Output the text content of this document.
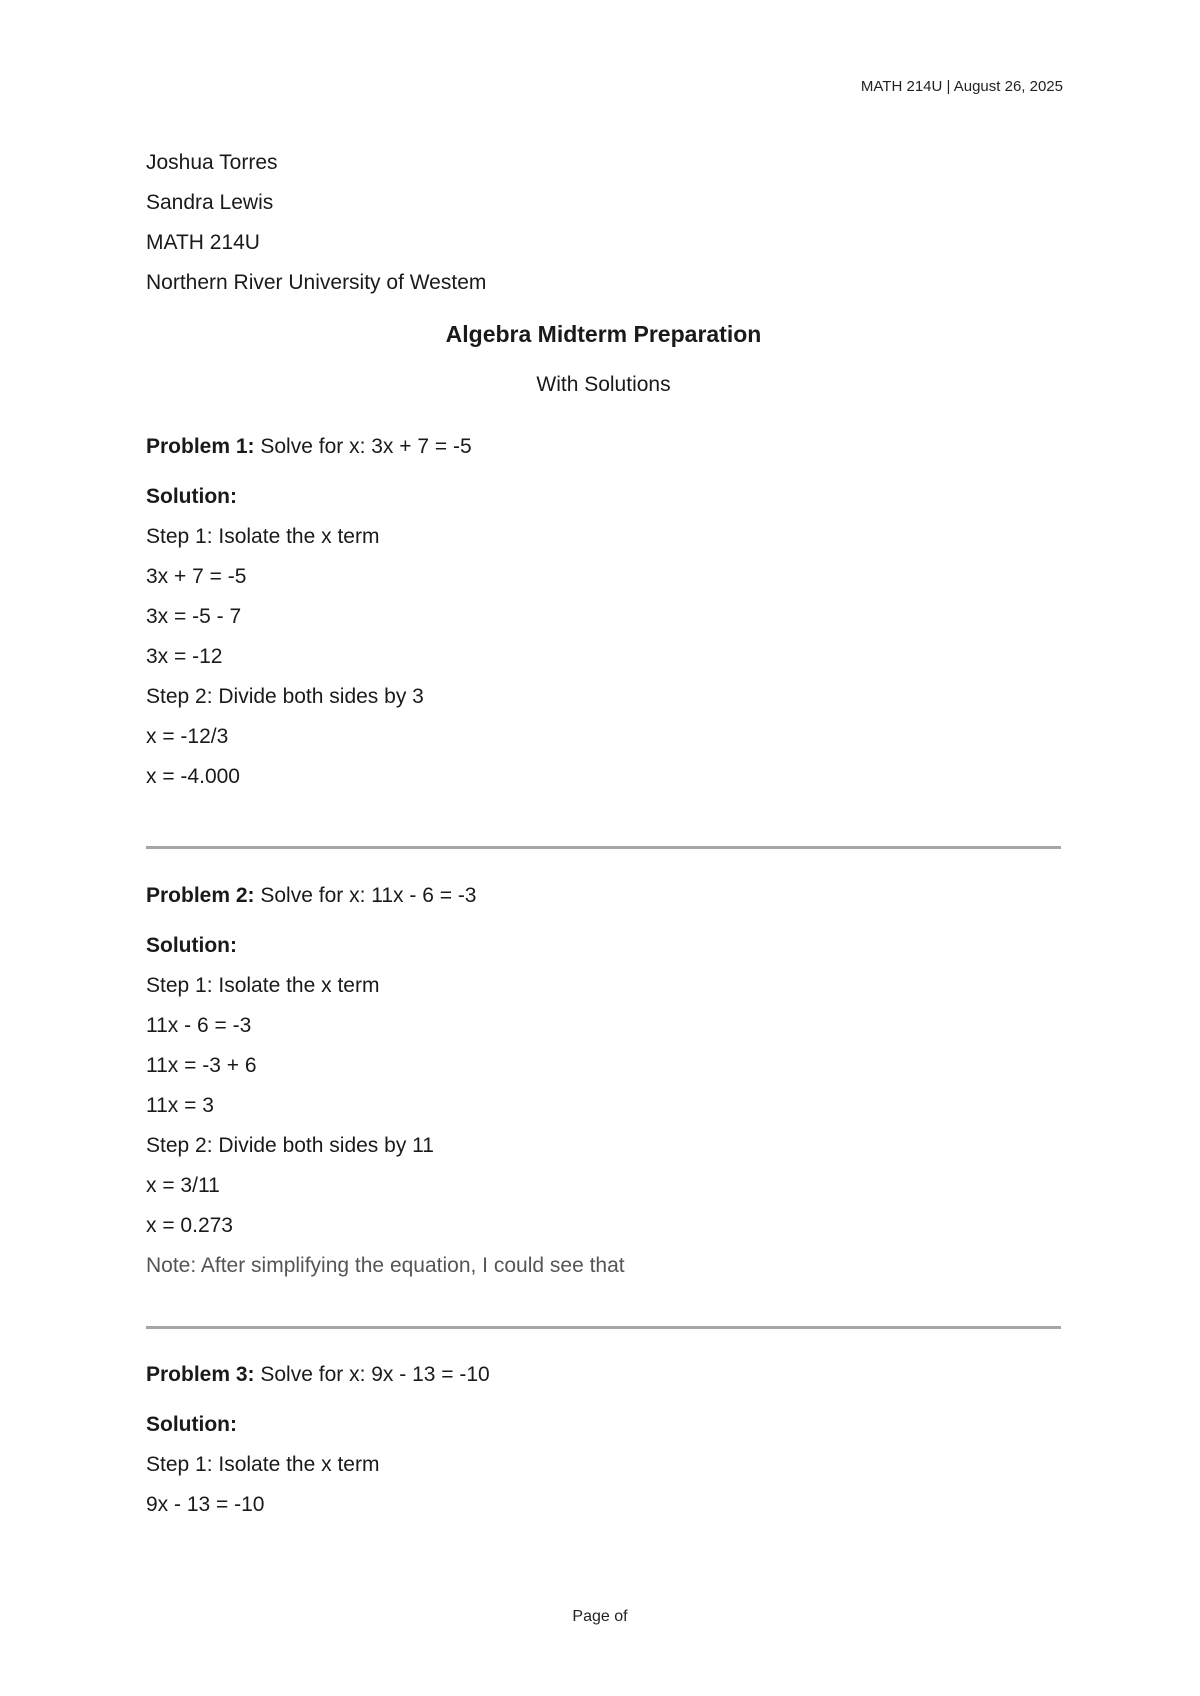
MATH 214U | August 26, 2025
Joshua Torres
Sandra Lewis
MATH 214U
Northern River University of Westem
Algebra Midterm Preparation
With Solutions
Problem 1: Solve for x: 3x + 7 = -5
Solution:
Step 1: Isolate the x term
3x + 7 = -5
3x = -5 - 7
3x = -12
Step 2: Divide both sides by 3
x = -12/3
x = -4.000
Problem 2: Solve for x: 11x - 6 = -3
Solution:
Step 1: Isolate the x term
11x - 6 = -3
11x = -3 + 6
11x = 3
Step 2: Divide both sides by 11
x = 3/11
x = 0.273
Note: After simplifying the equation, I could see that
Problem 3: Solve for x: 9x - 13 = -10
Solution:
Step 1: Isolate the x term
9x - 13 = -10
Page of
